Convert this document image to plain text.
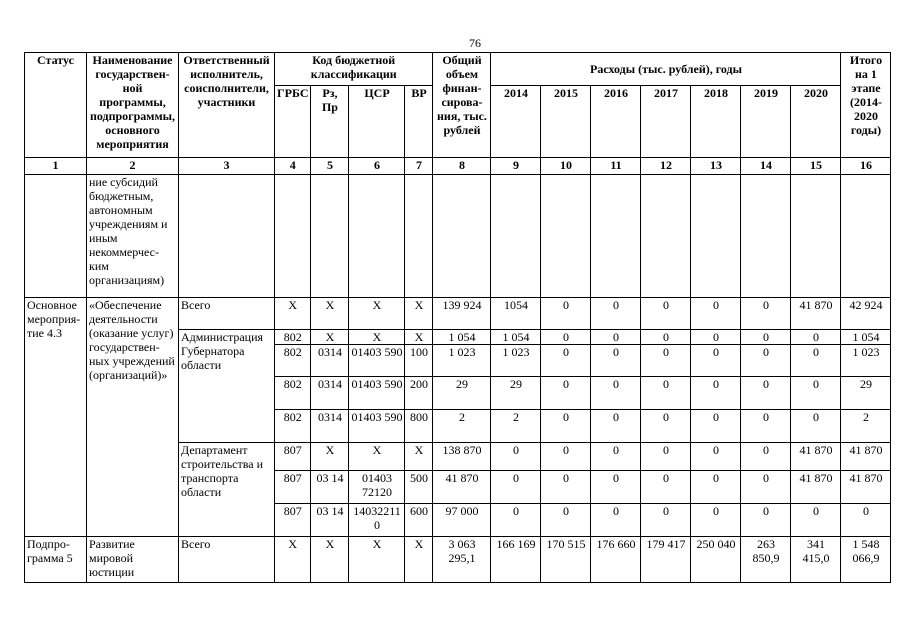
76
Статус	Наименование государствен-ной программы, подпрограммы, основного мероприятия	Ответственный исполнитель, соисполнители, участники	Код бюджетной классификации				Общий объем финан-сирова-ния, тыс. рублей	Расходы (тыс. рублей), годы							Итого на 1 этапе (2014-2020 годы)
			ГРБС	Рз, Пр	ЦСР	ВР		2014	2015	2016	2017	2018	2019	2020	
1	2	3	4	5	6	7	8	9	10	11	12	13	14	15	16
	ние субсидий бюджетным, автономным учреждениям и иным некоммерчес-ким организациям)														
Основное мероприя-тие 4.3	«Обеспечение деятельности (оказание услуг) государствен-ных учреждений (организаций)»	Всего	X	X	X	X	139 924	1054	0	0	0	0	0	41 870	42 924
		Администрация Губернатора области	802	X	X	X	1 054	1 054	0	0	0	0	0	0	1 054
			802	0314	01403 590	100	1 023	1 023	0	0	0	0	0	0	1 023
			802	0314	01403 590	200	29	29	0	0	0	0	0	0	29
			802	0314	01403 590	800	2	2	0	0	0	0	0	0	2
		Департамент строительства и транспорта области	807	X	X	X	138 870	0	0	0	0	0	0	41 870	41 870
			807	03 14	01403 72120	500	41 870	0	0	0	0	0	0	41 870	41 870
			807	03 14	14032211 0	600	97 000	0	0	0	0	0	0	0	0
Подпро-грамма 5	Развитие мировой юстиции	Всего	X	X	X	X	3 063 295,1	166 169	170 515	176 660	179 417	250 040	263 850,9	341 415,0	1 548 066,9
